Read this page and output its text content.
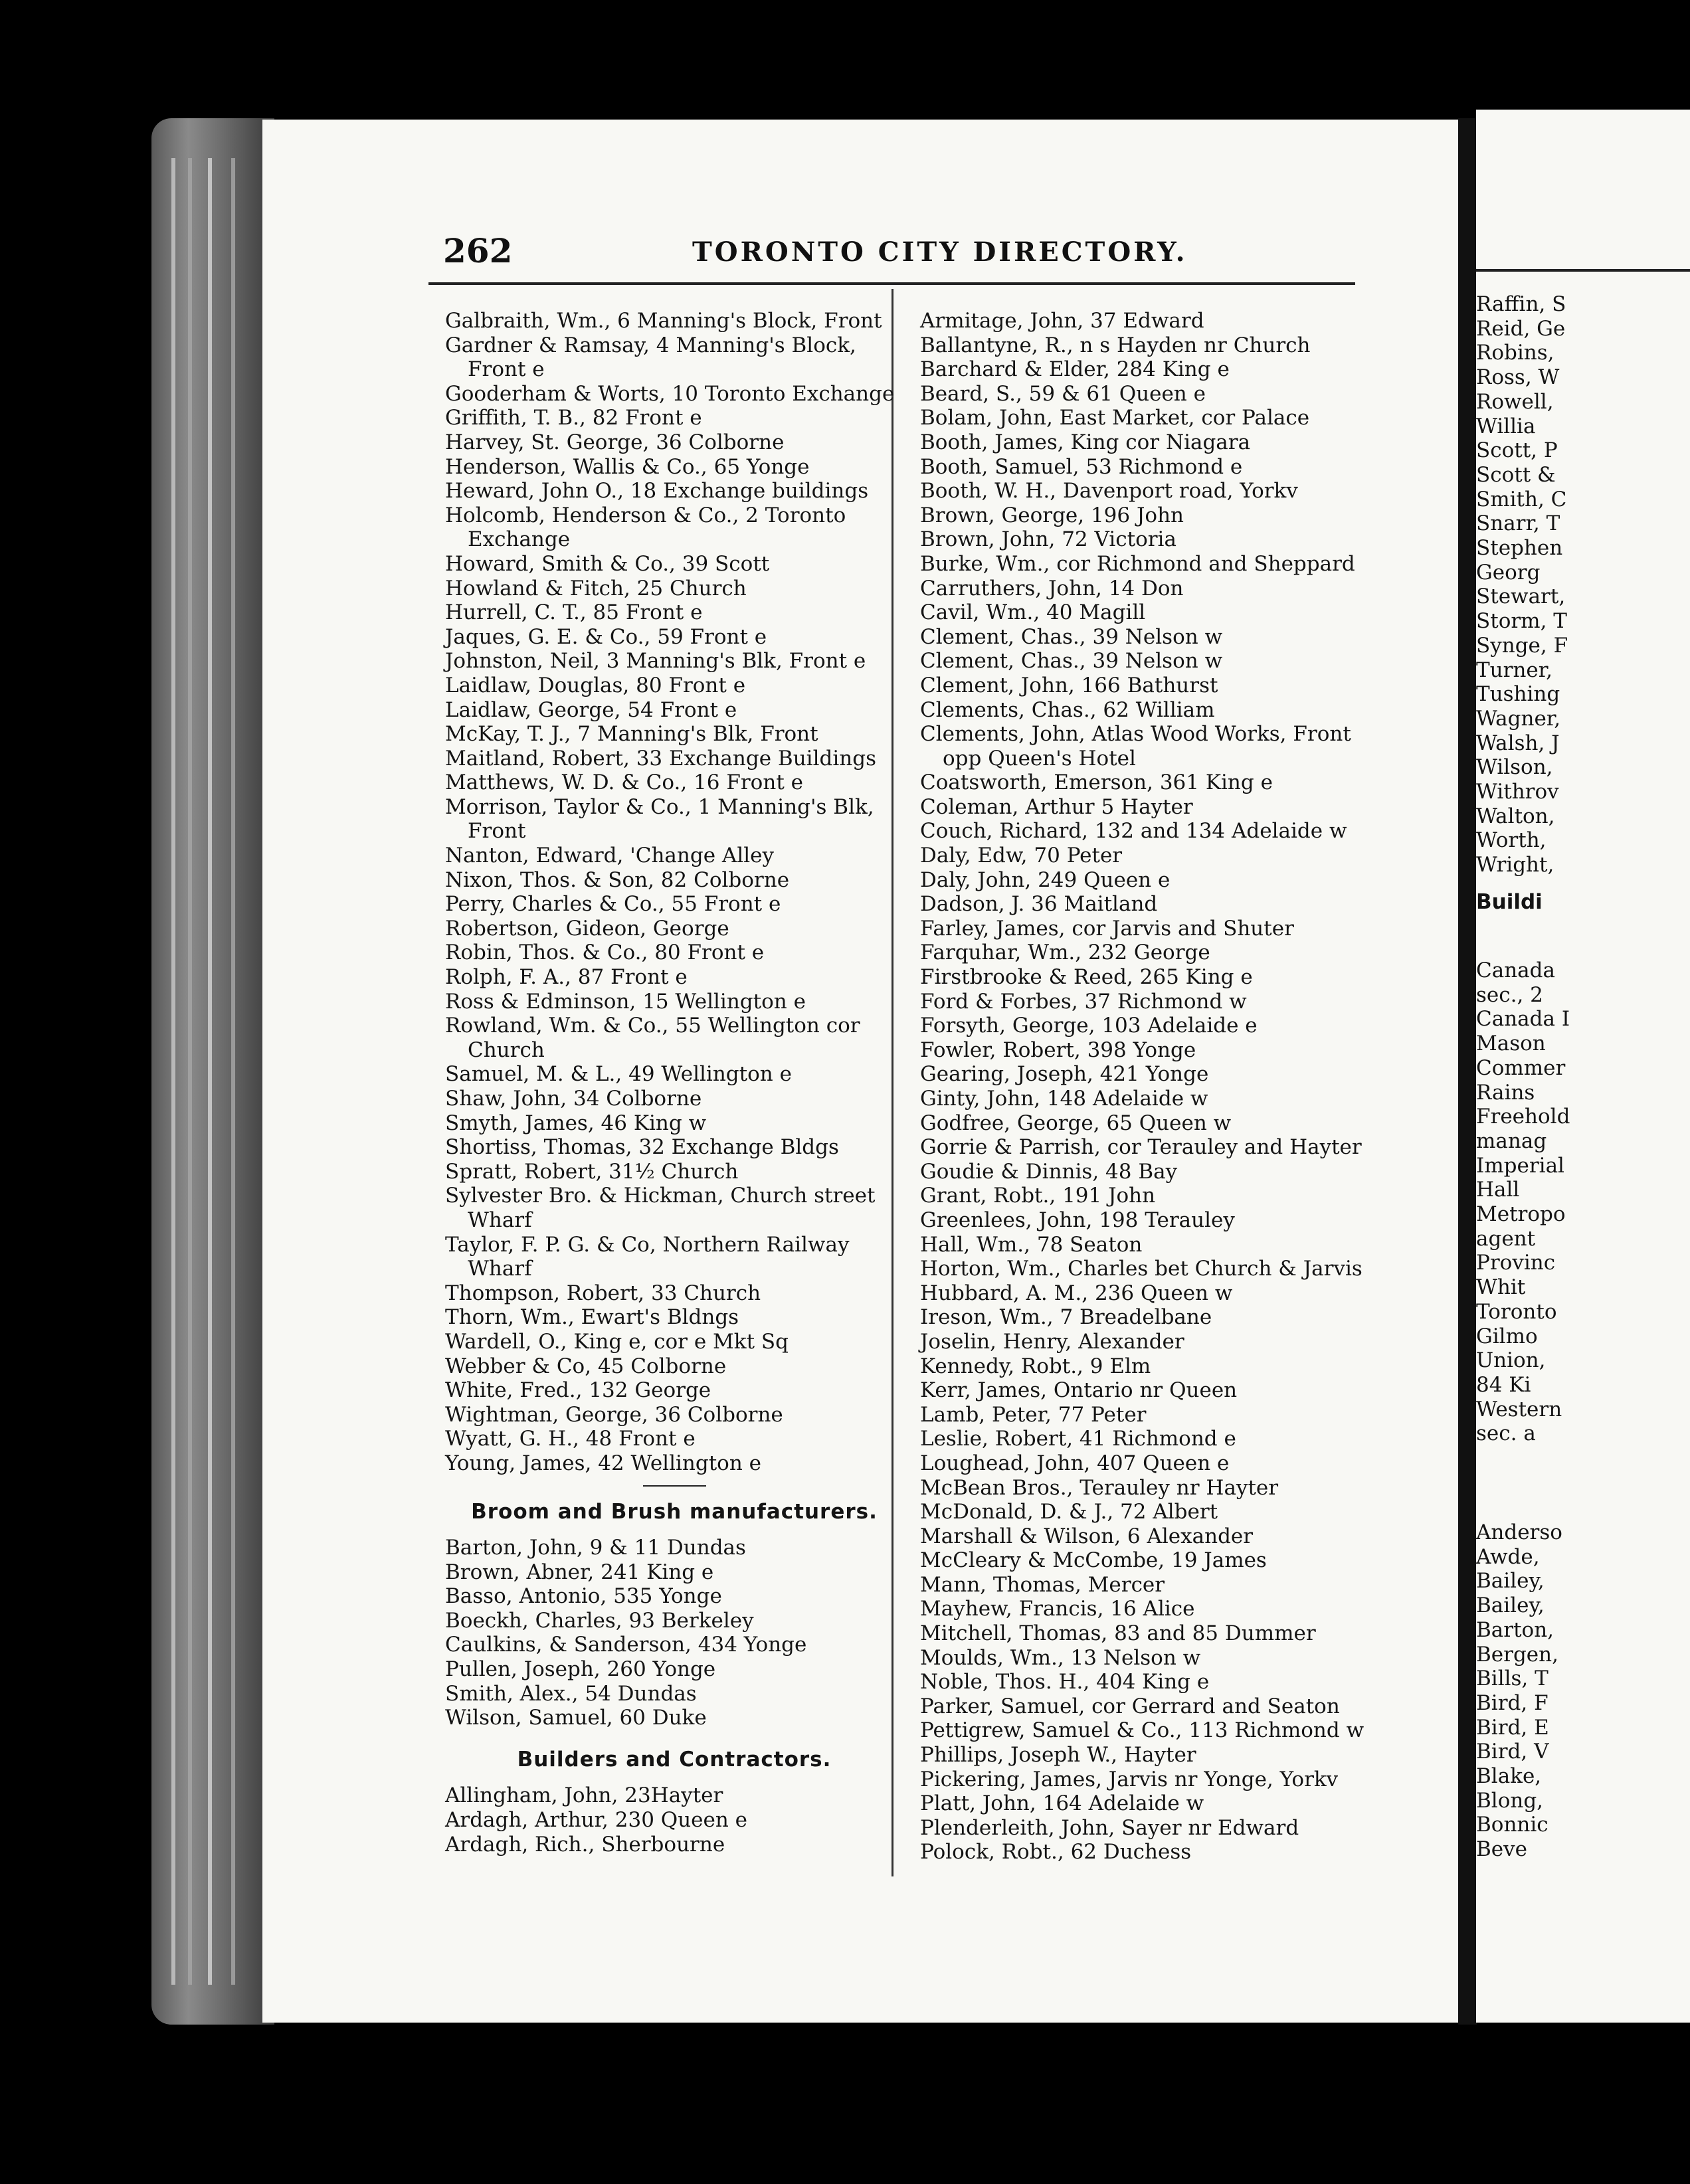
262	TORONTO CITY DIRECTORY.
Galbraith, Wm., 6 Manning's Block, Front
Gardner & Ramsay, 4 Manning's Block, Front e
Gooderham & Worts, 10 Toronto Exchange
Griffith, T. B., 82 Front e
Harvey, St. George, 36 Colborne
Henderson, Wallis & Co., 65 Yonge
Heward, John O., 18 Exchange buildings
Holcomb, Henderson & Co., 2 Toronto Exchange
Howard, Smith & Co., 39 Scott
Howland & Fitch, 25 Church
Hurrell, C. T., 85 Front e
Jaques, G. E. & Co., 59 Front e
Johnston, Neil, 3 Manning's Blk, Front e
Laidlaw, Douglas, 80 Front e
Laidlaw, George, 54 Front e
McKay, T. J., 7 Manning's Blk, Front
Maitland, Robert, 33 Exchange Buildings
Matthews, W. D. & Co., 16 Front e
Morrison, Taylor & Co., 1 Manning's Blk, Front
Nanton, Edward, 'Change Alley
Nixon, Thos. & Son, 82 Colborne
Perry, Charles & Co., 55 Front e
Robertson, Gideon, George
Robin, Thos. & Co., 80 Front e
Rolph, F. A., 87 Front e
Ross & Edminson, 15 Wellington e
Rowland, Wm. & Co., 55 Wellington cor Church
Samuel, M. & L., 49 Wellington e
Shaw, John, 34 Colborne
Smyth, James, 46 King w
Shortiss, Thomas, 32 Exchange Bldgs
Spratt, Robert, 31½ Church
Sylvester Bro. & Hickman, Church street Wharf
Taylor, F. P. G. & Co, Northern Railway Wharf
Thompson, Robert, 33 Church
Thorn, Wm., Ewart's Bldngs
Wardell, O., King e, cor e Mkt Sq
Webber & Co, 45 Colborne
White, Fred., 132 George
Wightman, George, 36 Colborne
Wyatt, G. H., 48 Front e
Young, James, 42 Wellington e
Broom and Brush manufacturers.
Barton, John, 9 & 11 Dundas
Brown, Abner, 241 King e
Basso, Antonio, 535 Yonge
Boeckh, Charles, 93 Berkeley
Caulkins, & Sanderson, 434 Yonge
Pullen, Joseph, 260 Yonge
Smith, Alex., 54 Dundas
Wilson, Samuel, 60 Duke
Builders and Contractors.
Allingham, John, 23Hayter
Ardagh, Arthur, 230 Queen e
Ardagh, Rich., Sherbourne
Armitage, John, 37 Edward
Ballantyne, R., n s Hayden nr Church
Barchard & Elder, 284 King e
Beard, S., 59 & 61 Queen e
Bolam, John, East Market, cor Palace
Booth, James, King cor Niagara
Booth, Samuel, 53 Richmond e
Booth, W. H., Davenport road, Yorkv
Brown, George, 196 John
Brown, John, 72 Victoria
Burke, Wm., cor Richmond and Sheppard
Carruthers, John, 14 Don
Cavil, Wm., 40 Magill
Clement, Chas., 39 Nelson w
Clement, Chas., 39 Nelson w
Clement, John, 166 Bathurst
Clements, Chas., 62 William
Clements, John, Atlas Wood Works, Front opp Queen's Hotel
Coatsworth, Emerson, 361 King e
Coleman, Arthur 5 Hayter
Couch, Richard, 132 and 134 Adelaide w
Daly, Edw, 70 Peter
Daly, John, 249 Queen e
Dadson, J. 36 Maitland
Farley, James, cor Jarvis and Shuter
Farquhar, Wm., 232 George
Firstbrooke & Reed, 265 King e
Ford & Forbes, 37 Richmond w
Forsyth, George, 103 Adelaide e
Fowler, Robert, 398 Yonge
Gearing, Joseph, 421 Yonge
Ginty, John, 148 Adelaide w
Godfree, George, 65 Queen w
Gorrie & Parrish, cor Terauley and Hayter
Goudie & Dinnis, 48 Bay
Grant, Robt., 191 John
Greenlees, John, 198 Terauley
Hall, Wm., 78 Seaton
Horton, Wm., Charles bet Church & Jarvis
Hubbard, A. M., 236 Queen w
Ireson, Wm., 7 Breadelbane
Joselin, Henry, Alexander
Kennedy, Robt., 9 Elm
Kerr, James, Ontario nr Queen
Lamb, Peter, 77 Peter
Leslie, Robert, 41 Richmond e
Loughead, John, 407 Queen e
McBean Bros., Terauley nr Hayter
McDonald, D. & J., 72 Albert
Marshall & Wilson, 6 Alexander
McCleary & McCombe, 19 James
Mann, Thomas, Mercer
Mayhew, Francis, 16 Alice
Mitchell, Thomas, 83 and 85 Dummer
Moulds, Wm., 13 Nelson w
Noble, Thos. H., 404 King e
Parker, Samuel, cor Gerrard and Seaton
Pettigrew, Samuel & Co., 113 Richmond w
Phillips, Joseph W., Hayter
Pickering, James, Jarvis nr Yonge, Yorkv
Platt, John, 164 Adelaide w
Plenderleith, John, Sayer nr Edward
Polock, Robt., 62 Duchess
Raffin, S
Reid, Ge
Robins,
Ross, W
Rowell,
Willia
Scott, P
Scott &
Smith, C
Snarr, T
Stephen
Georg
Stewart,
Storm, T
Synge, F
Turner,
Tushing
Wagner,
Walsh, J
Wilson,
Withrov
Walton,
Worth,
Wright,
Buildi
Canada
sec., 2
Canada I
Mason
Commer
Rains
Freehold
manag
Imperial
Hall
Metropo
agent
Provinc
Whit
Toronto
Gilmo
Union,
84 Ki
Western
sec. a
Anderso
Awde,
Bailey,
Bailey,
Barton,
Bergen,
Bills, T
Bird, F
Bird, E
Bird, V
Blake,
Blong,
Bonnic
Beve
